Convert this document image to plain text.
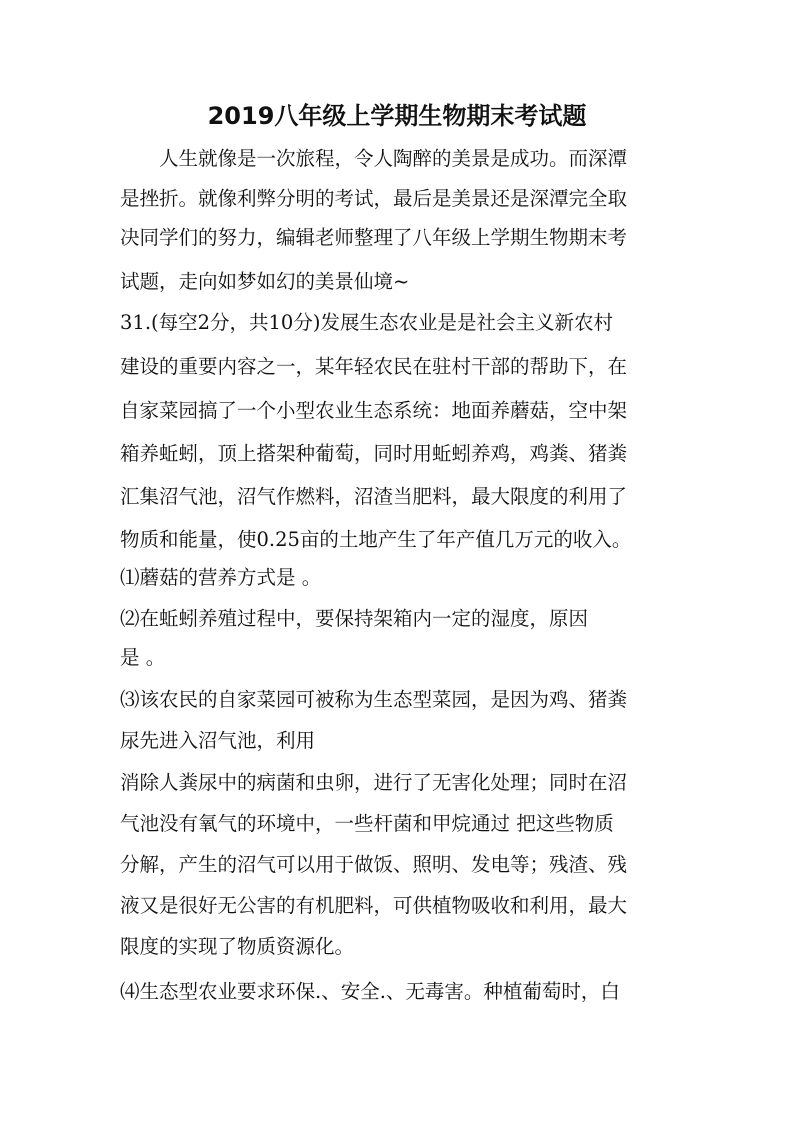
2019八年级上学期生物期末考试题
人生就像是一次旅程，令人陶醉的美景是成功。而深潭
是挫折。就像利弊分明的考试，最后是美景还是深潭完全取
决同学们的努力，编辑老师整理了八年级上学期生物期末考
试题，走向如梦如幻的美景仙境~
31.(每空2分，共10分)发展生态农业是是社会主义新农村
建设的重要内容之一，某年轻农民在驻村干部的帮助下，在
自家菜园搞了一个小型农业生态系统：地面养蘑菇，空中架
箱养蚯蚓，顶上搭架种葡萄，同时用蚯蚓养鸡，鸡粪、猪粪
汇集沼气池，沼气作燃料，沼渣当肥料，最大限度的利用了
物质和能量，使0.25亩的土地产生了年产值几万元的收入。
⑴蘑菇的营养方式是 。
⑵在蚯蚓养殖过程中，要保持架箱内一定的湿度，原因
是 。
⑶该农民的自家菜园可被称为生态型菜园，是因为鸡、猪粪
尿先进入沼气池，利用
消除人粪尿中的病菌和虫卵，进行了无害化处理；同时在沼
气池没有氧气的环境中，一些杆菌和甲烷通过 把这些物质
分解，产生的沼气可以用于做饭、照明、发电等；残渣、残
液又是很好无公害的有机肥料，可供植物吸收和利用，最大
限度的实现了物质资源化。
⑷生态型农业要求环保.、安全.、无毒害。种植葡萄时，白
